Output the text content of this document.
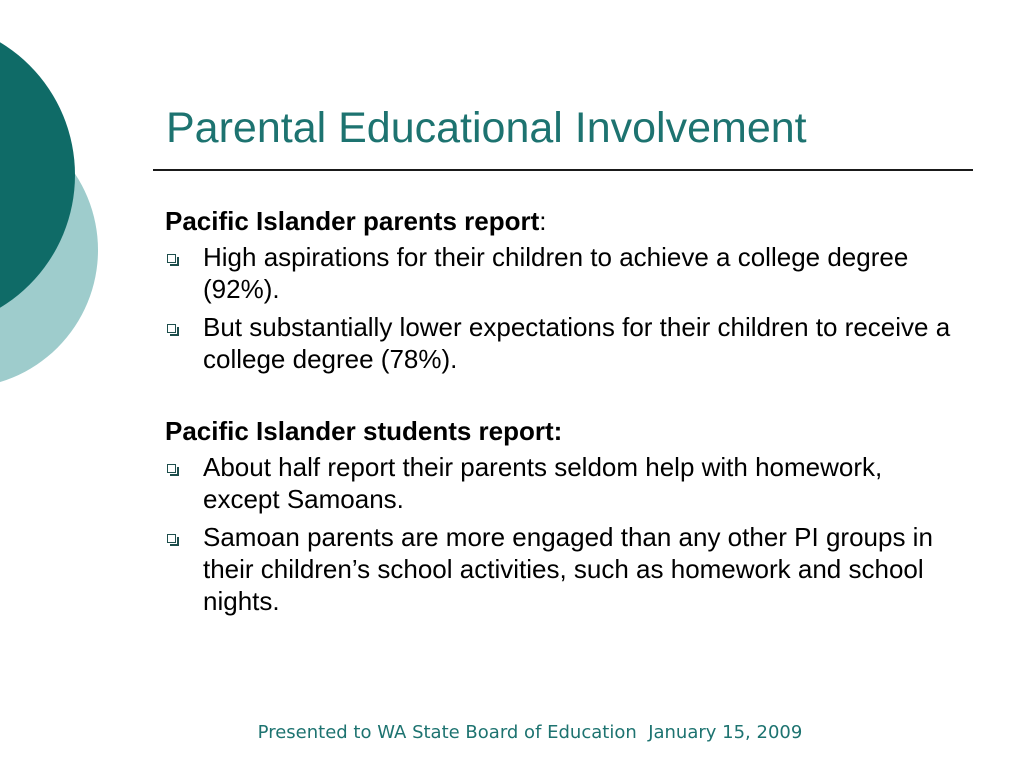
Parental Educational Involvement

Pacific Islander parents report:

High aspirations for their children to achieve a college degree (92%).
But substantially lower expectations for their children to receive a college degree (78%).

Pacific Islander students report:

About half report their parents seldom help with homework, except Samoans.
Samoan parents are more engaged than any other PI groups in their children’s school activities, such as homework and school nights.
Presented to WA State Board of Education  January 15, 2009
